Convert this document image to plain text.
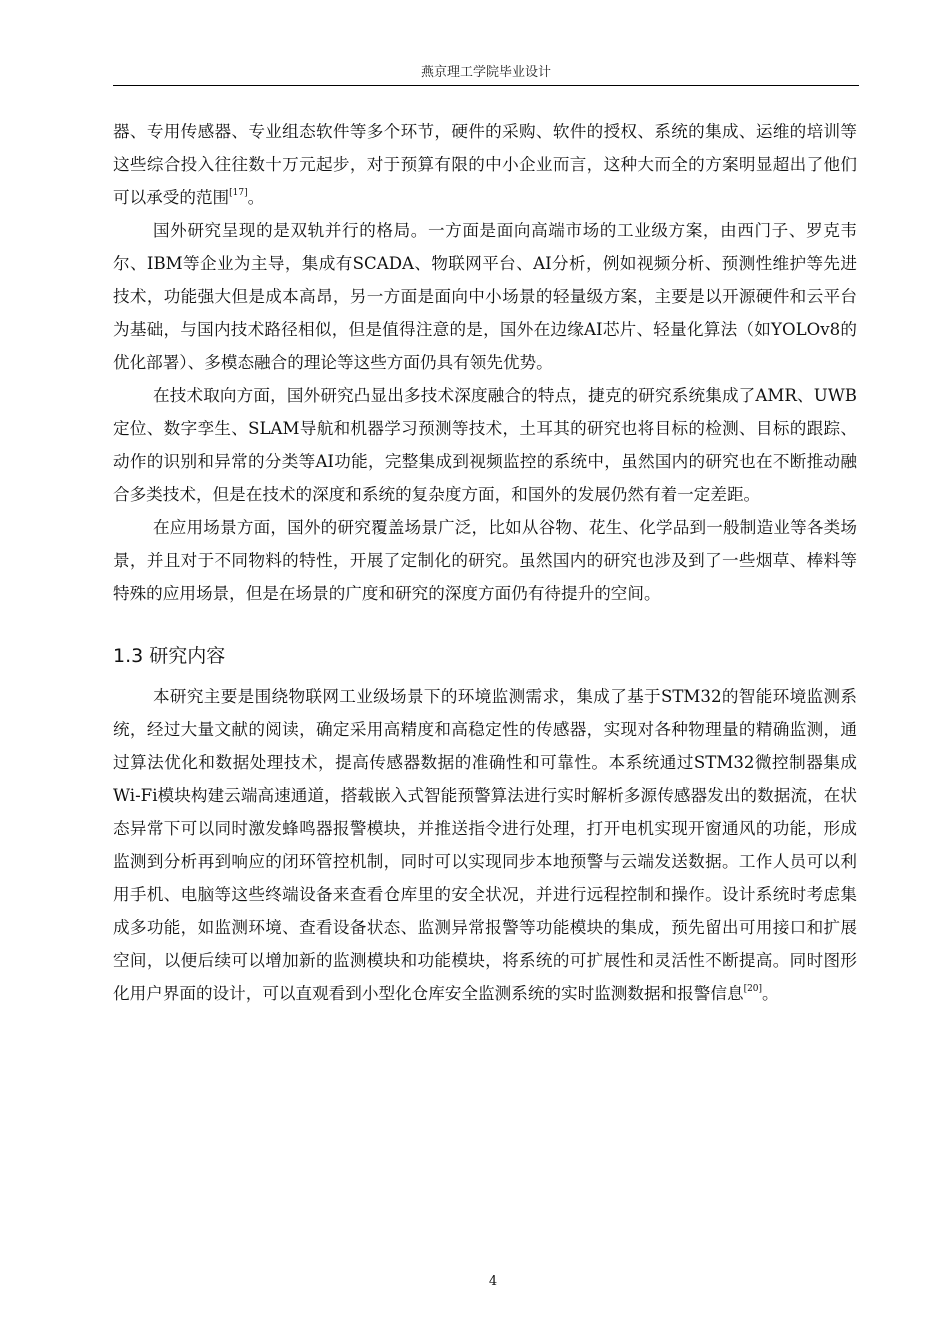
燕京理工学院毕业设计

器、专用传感器、专业组态软件等多个环节，硬件的采购、软件的授权、系统的集成、运维的培训等这些综合投入往往数十万元起步，对于预算有限的中小企业而言，这种大而全的方案明显超出了他们可以承受的范围[17]。

国外研究呈现的是双轨并行的格局。一方面是面向高端市场的工业级方案，由西门子、罗克韦尔、IBM等企业为主导，集成有SCADA、物联网平台、AI分析，例如视频分析、预测性维护等先进技术，功能强大但是成本高昂，另一方面是面向中小场景的轻量级方案，主要是以开源硬件和云平台为基础，与国内技术路径相似，但是值得注意的是，国外在边缘AI芯片、轻量化算法（如YOLOv8的优化部署）、多模态融合的理论等这些方面仍具有领先优势。

在技术取向方面，国外研究凸显出多技术深度融合的特点，捷克的研究系统集成了AMR、UWB定位、数字孪生、SLAM导航和机器学习预测等技术，土耳其的研究也将目标的检测、目标的跟踪、动作的识别和异常的分类等AI功能，完整集成到视频监控的系统中，虽然国内的研究也在不断推动融合多类技术，但是在技术的深度和系统的复杂度方面，和国外的发展仍然有着一定差距。

在应用场景方面，国外的研究覆盖场景广泛，比如从谷物、花生、化学品到一般制造业等各类场景，并且对于不同物料的特性，开展了定制化的研究。虽然国内的研究也涉及到了一些烟草、棒料等特殊的应用场景，但是在场景的广度和研究的深度方面仍有待提升的空间。

1.3 研究内容

本研究主要是围绕物联网工业级场景下的环境监测需求，集成了基于STM32的智能环境监测系统，经过大量文献的阅读，确定采用高精度和高稳定性的传感器，实现对各种物理量的精确监测，通过算法优化和数据处理技术，提高传感器数据的准确性和可靠性。本系统通过STM32微控制器集成Wi-Fi模块构建云端高速通道，搭载嵌入式智能预警算法进行实时解析多源传感器发出的数据流，在状态异常下可以同时激发蜂鸣器报警模块，并推送指令进行处理，打开电机实现开窗通风的功能，形成监测到分析再到响应的闭环管控机制，同时可以实现同步本地预警与云端发送数据。工作人员可以利用手机、电脑等这些终端设备来查看仓库里的安全状况，并进行远程控制和操作。设计系统时考虑集成多功能，如监测环境、查看设备状态、监测异常报警等功能模块的集成，预先留出可用接口和扩展空间，以便后续可以增加新的监测模块和功能模块，将系统的可扩展性和灵活性不断提高。同时图形化用户界面的设计，可以直观看到小型化仓库安全监测系统的实时监测数据和报警信息[20]。

4
